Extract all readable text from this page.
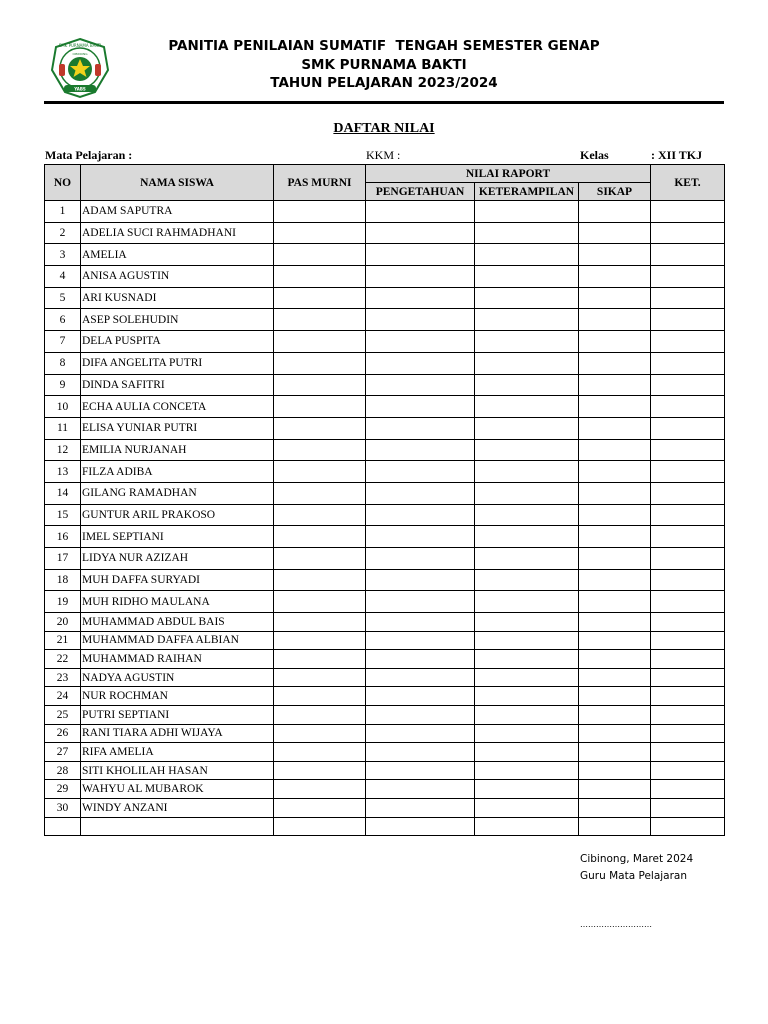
SMK PURNAMA BAKTI
CIBINONG
YABS
PANITIA PENILAIAN SUMATIF  TENGAH SEMESTER GENAP
SMK PURNAMA BAKTI
TAHUN PELAJARAN 2023/2024
DAFTAR NILAI
Mata Pelajaran :	KKM :	Kelas	: XII TKJ
NO	NAMA SISWA	PAS MURNI	NILAI RAPORT			KET.
			PENGETAHUAN	KETERAMPILAN	SIKAP	
1	ADAM SAPUTRA					
2	ADELIA SUCI RAHMADHANI					
3	AMELIA					
4	ANISA AGUSTIN					
5	ARI KUSNADI					
6	ASEP SOLEHUDIN					
7	DELA PUSPITA					
8	DIFA ANGELITA PUTRI					
9	DINDA SAFITRI					
10	ECHA AULIA CONCETA					
11	ELISA YUNIAR PUTRI					
12	EMILIA NURJANAH					
13	FILZA ADIBA					
14	GILANG RAMADHAN					
15	GUNTUR ARIL PRAKOSO					
16	IMEL SEPTIANI					
17	LIDYA NUR AZIZAH					
18	MUH DAFFA SURYADI					
19	MUH RIDHO MAULANA					
20	MUHAMMAD ABDUL BAIS					
21	MUHAMMAD DAFFA ALBIAN					
22	MUHAMMAD RAIHAN					
23	NADYA AGUSTIN					
24	NUR ROCHMAN					
25	PUTRI SEPTIANI					
26	RANI TIARA ADHI WIJAYA					
27	RIFA AMELIA					
28	SITI KHOLILAH HASAN					
29	WAHYU AL MUBAROK					
30	WINDY ANZANI					

Cibinong, Maret 2024
Guru Mata Pelajaran
………………………
